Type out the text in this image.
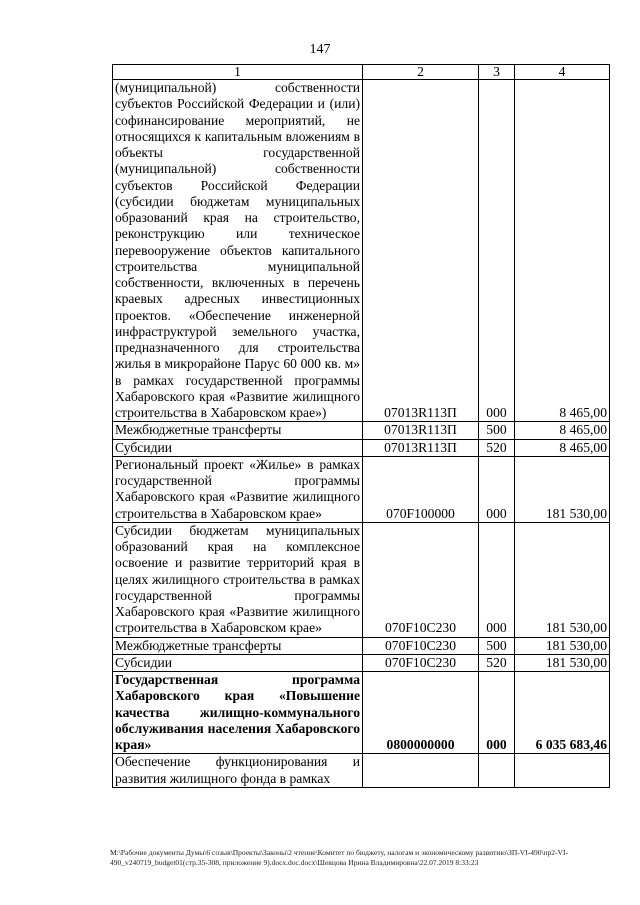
147
1	2	3	4
(муниципальной) собственности субъектов Российской Федерации и (или) софинансирование мероприятий, не относящихся к капитальным вложениям в объекты государственной (муниципальной) собственности субъектов Российской Федерации (субсидии бюджетам муниципальных образований края на строительство, реконструкцию или техническое перевооружение объектов капитального строительства муниципальной собственности, включенных в перечень краевых адресных инвестиционных проектов. «Обеспечение инженерной инфраструктурой земельного участка, предназначенного для строительства жилья в микрорайоне Парус 60 000 кв. м» в рамках государственной программы Хабаровского края «Развитие жилищного строительства в Хабаровском крае»)	07013R113П	000	8 465,00
Межбюджетные трансферты	07013R113П	500	8 465,00
Субсидии	07013R113П	520	8 465,00
Региональный проект «Жилье» в рамках государственной программы Хабаровского края «Развитие жилищного строительства в Хабаровском крае»	070F100000	000	181 530,00
Субсидии бюджетам муниципальных образований края на комплексное освоение и развитие территорий края в целях жилищного строительства в рамках государственной программы Хабаровского края «Развитие жилищного строительства в Хабаровском крае»	070F10C230	000	181 530,00
Межбюджетные трансферты	070F10C230	500	181 530,00
Субсидии	070F10C230	520	181 530,00
Государственная программа Хабаровского края «Повышение качества жилищно-коммунального обслуживания населения Хабаровского края»	0800000000	000	6 035 683,46
Обеспечение функционирования и развития жилищного фонда в рамках			
M:\Рабочие документы Думы\6 созыв\Проекты\Законы\2 чтение\Комитет по бюджету, налогам и экономическому развитию\ЗП-VI-490\пр2-VI-490_v240719_budget01(стр.35-308, приложение 9).docx.doc.docx\Шевцова Ирина Владимировна\22.07.2019 8:33:23
